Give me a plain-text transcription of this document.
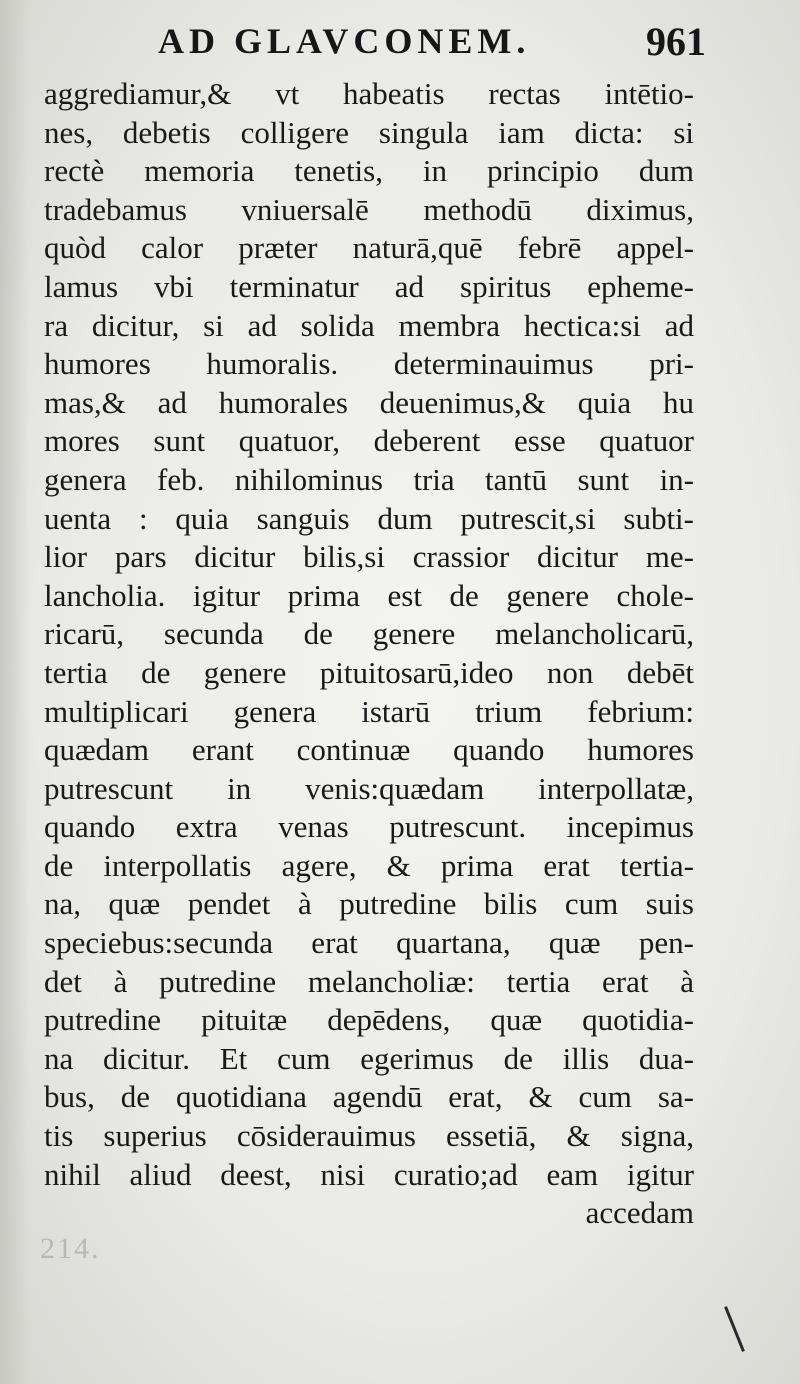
AD GLAVCONEM.	961
aggrediamur,& vt habeatis rectas intētio-
nes, debetis colligere singula iam dicta: si
rectè memoria tenetis, in principio dum
tradebamus vniuersalē methodū diximus,
quòd calor præter naturā,quē febrē appel-
lamus vbi terminatur ad spiritus epheme-
ra dicitur, si ad solida membra hectica:si ad
humores humoralis. determinauimus pri-
mas,& ad humorales deuenimus,& quia hu
mores sunt quatuor, deberent esse quatuor
genera feb. nihilominus tria tantū sunt in-
uenta : quia sanguis dum putrescit,si subti-
lior pars dicitur bilis,si crassior dicitur me-
lancholia. igitur prima est de genere chole-
ricarū, secunda de genere melancholicarū,
tertia de genere pituitosarū,ideo non debēt
multiplicari genera istarū trium febrium:
quædam erant continuæ quando humores
putrescunt in venis:quædam interpollatæ,
quando extra venas putrescunt. incepimus
de interpollatis agere, & prima erat tertia-
na, quæ pendet à putredine bilis cum suis
speciebus:secunda erat quartana, quæ pen-
det à putredine melancholiæ: tertia erat à
putredine pituitæ depēdens, quæ quotidia-
na dicitur. Et cum egerimus de illis dua-
bus, de quotidiana agendū erat, & cum sa-
tis superius cōsiderauimus essetiā, & signa,
nihil aliud deest, nisi curatio;ad eam igitur
accedam
214.
